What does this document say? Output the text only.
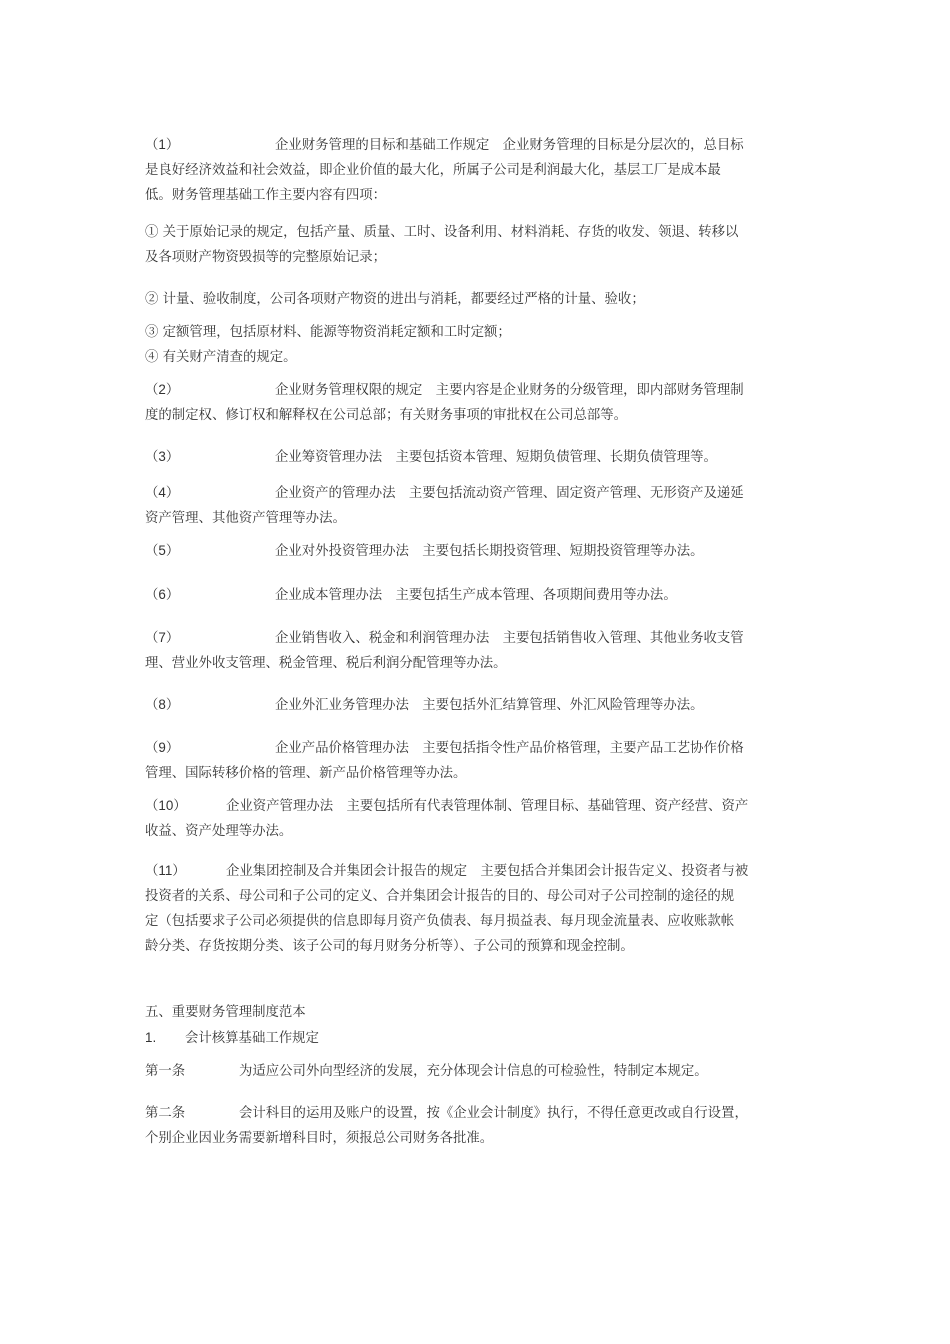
（1）	企业财务管理的目标和基础工作规定　企业财务管理的目标是分层次的，总目标

是良好经济效益和社会效益，即企业价值的最大化，所属子公司是利润最大化，基层工厂是成本最

低。财务管理基础工作主要内容有四项：

① 关于原始记录的规定，包括产量、质量、工时、设备利用、材料消耗、存货的收发、领退、转移以

及各项财产物资毁损等的完整原始记录；

② 计量、验收制度，公司各项财产物资的进出与消耗，都要经过严格的计量、验收；

③ 定额管理，包括原材料、能源等物资消耗定额和工时定额；

④ 有关财产清查的规定。

（2）	企业财务管理权限的规定　主要内容是企业财务的分级管理，即内部财务管理制

度的制定权、修订权和解释权在公司总部；有关财务事项的审批权在公司总部等。

（3）	企业筹资管理办法　主要包括资本管理、短期负债管理、长期负债管理等。

（4）	企业资产的管理办法　主要包括流动资产管理、固定资产管理、无形资产及递延

资产管理、其他资产管理等办法。

（5）	企业对外投资管理办法　主要包括长期投资管理、短期投资管理等办法。

（6）	企业成本管理办法　主要包括生产成本管理、各项期间费用等办法。

（7）	企业销售收入、税金和利润管理办法　主要包括销售收入管理、其他业务收支管

理、营业外收支管理、税金管理、税后利润分配管理等办法。

（8）	企业外汇业务管理办法　主要包括外汇结算管理、外汇风险管理等办法。

（9）	企业产品价格管理办法　主要包括指令性产品价格管理，主要产品工艺协作价格

管理、国际转移价格的管理、新产品价格管理等办法。

（10）	企业资产管理办法　主要包括所有代表管理体制、管理目标、基础管理、资产经营、资产

收益、资产处理等办法。

（11）	企业集团控制及合并集团会计报告的规定　主要包括合并集团会计报告定义、投资者与被

投资者的关系、母公司和子公司的定义、合并集团会计报告的目的、母公司对子公司控制的途径的规

定（包括要求子公司必须提供的信息即每月资产负债表、每月损益表、每月现金流量表、应收账款帐

龄分类、存货按期分类、该子公司的每月财务分析等）、子公司的预算和现金控制。

五、重要财务管理制度范本

1. 会计核算基础工作规定

第一条	为适应公司外向型经济的发展，充分体现会计信息的可检验性，特制定本规定。

第二条	会计科目的运用及账户的设置，按《企业会计制度》执行，不得任意更改或自行设置，

个别企业因业务需要新增科目时，须报总公司财务各批准。
